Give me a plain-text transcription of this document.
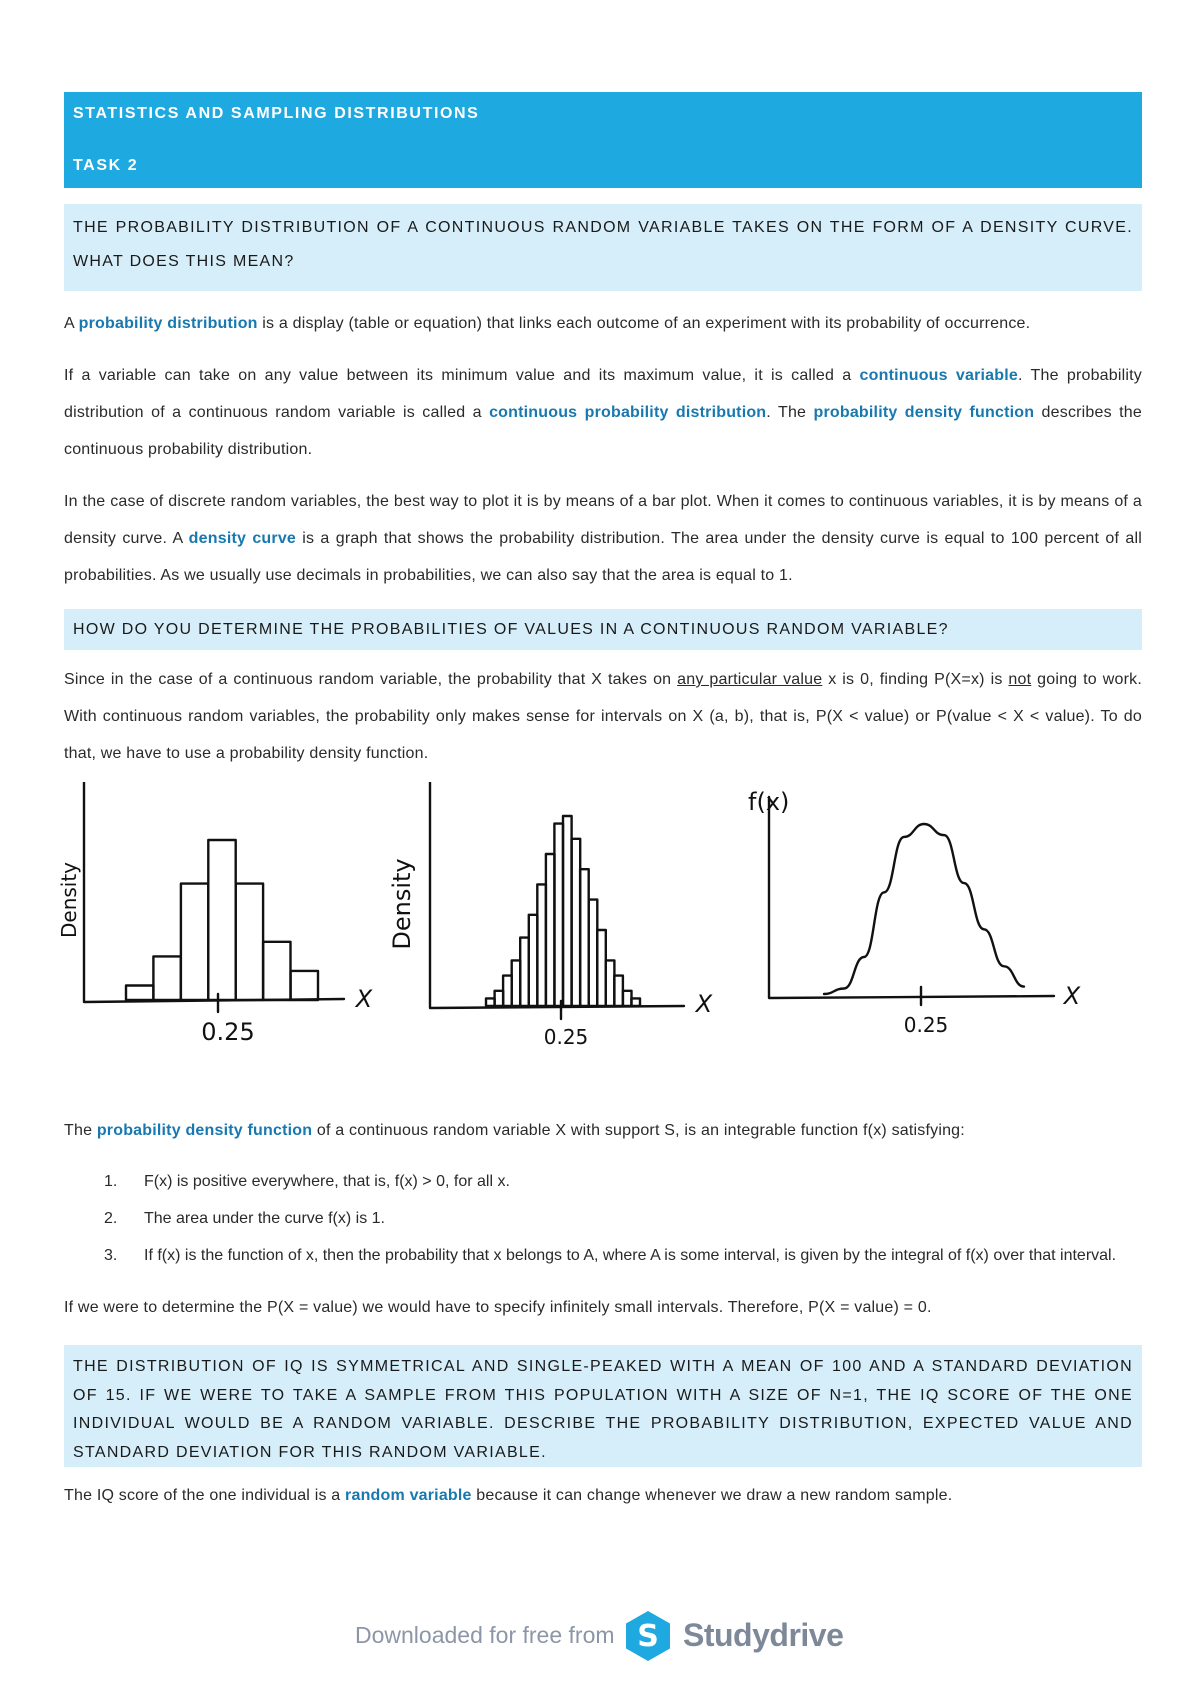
STATISTICS AND SAMPLING DISTRIBUTIONS
TASK 2
THE PROBABILITY DISTRIBUTION OF A CONTINUOUS RANDOM VARIABLE TAKES ON THE FORM OF A DENSITY CURVE. WHAT DOES THIS MEAN?

A probability distribution is a display (table or equation) that links each outcome of an experiment with its probability of occurrence.

If a variable can take on any value between its minimum value and its maximum value, it is called a continuous variable. The probability distribution of a continuous random variable is called a continuous probability distribution. The probability density function describes the continuous probability distribution.

In the case of discrete random variables, the best way to plot it is by means of a bar plot. When it comes to continuous variables, it is by means of a density curve. A density curve is a graph that shows the probability distribution. The area under the density curve is equal to 100 percent of all probabilities. As we usually use decimals in probabilities, we can also say that the area is equal to 1.

HOW DO YOU DETERMINE THE PROBABILITIES OF VALUES IN A CONTINUOUS RANDOM VARIABLE?

Since in the case of a continuous random variable, the probability that X takes on any particular value x is 0, finding P(X=x) is not going to work. With continuous random variables, the probability only makes sense for intervals on X (a, b), that is, P(X < value) or P(value < X < value). To do that, we have to use a probability density function.

Density
X
0.25
Density
X
0.25
f(x)
X
0.25

The probability density function of a continuous random variable X with support S, is an integrable function f(x) satisfying:

1. F(x) is positive everywhere, that is, f(x) > 0, for all x.
2. The area under the curve f(x) is 1.
3. If f(x) is the function of x, then the probability that x belongs to A, where A is some interval, is given by the integral of f(x) over that interval.

If we were to determine the P(X = value) we would have to specify infinitely small intervals. Therefore, P(X = value) = 0.

THE DISTRIBUTION OF IQ IS SYMMETRICAL AND SINGLE-PEAKED WITH A MEAN OF 100 AND A STANDARD DEVIATION OF 15. IF WE WERE TO TAKE A SAMPLE FROM THIS POPULATION WITH A SIZE OF N=1, THE IQ SCORE OF THE ONE INDIVIDUAL WOULD BE A RANDOM VARIABLE. DESCRIBE THE PROBABILITY DISTRIBUTION, EXPECTED VALUE AND STANDARD DEVIATION FOR THIS RANDOM VARIABLE.

The IQ score of the one individual is a random variable because it can change whenever we draw a new random sample.

Downloaded for free from S Studydrive
